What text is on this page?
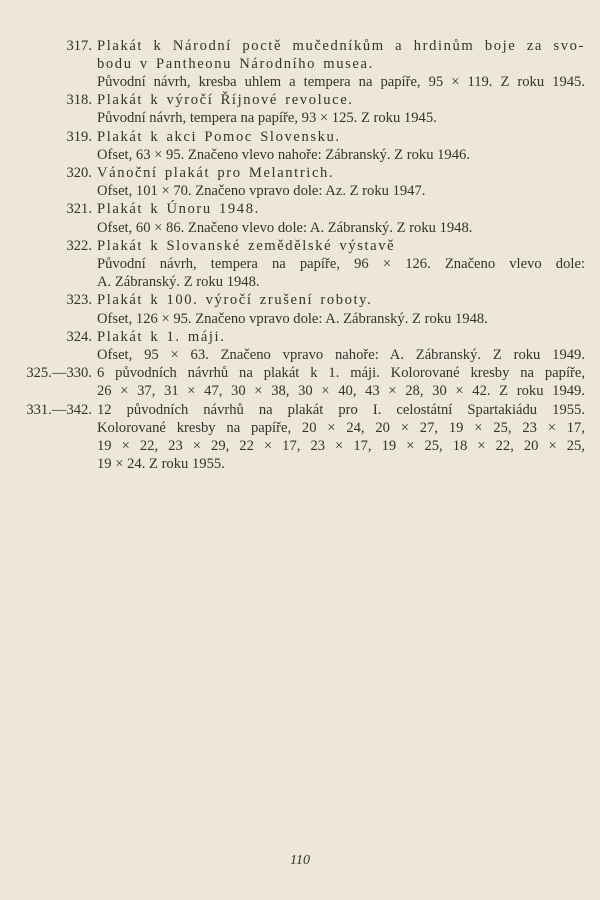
317. Plakát k Národní poctě mučedníkům a hrdinům boje za svo-
bodu v Pantheonu Národního musea.
Původní návrh, kresba uhlem a tempera na papíře, 95 × 119. Z roku 1945.
318. Plakát k výročí Říjnové revoluce.
Původní návrh, tempera na papíře, 93 × 125. Z roku 1945.
319. Plakát k akci Pomoc Slovensku.
Ofset, 63 × 95. Značeno vlevo nahoře: Zábranský. Z roku 1946.
320. Vánoční plakát pro Melantrich.
Ofset, 101 × 70. Značeno vpravo dole: Az. Z roku 1947.
321. Plakát k Únoru 1948.
Ofset, 60 × 86. Značeno vlevo dole: A. Zábranský. Z roku 1948.
322. Plakát k Slovanské zemědělské výstavě
Původní návrh, tempera na papíře, 96 × 126. Značeno vlevo dole:
A. Zábranský. Z roku 1948.
323. Plakát k 100. výročí zrušení roboty.
Ofset, 126 × 95. Značeno vpravo dole: A. Zábranský. Z roku 1948.
324. Plakát k 1. máji.
Ofset, 95 × 63. Značeno vpravo nahoře: A. Zábranský. Z roku 1949.
325.—330. 6 původních návrhů na plakát k 1. máji. Kolorované kresby na papíře,
26 × 37, 31 × 47, 30 × 38, 30 × 40, 43 × 28, 30 × 42. Z roku 1949.
331.—342. 12 původních návrhů na plakát pro I. celostátní Spartakiádu 1955.
Kolorované kresby na papíře, 20 × 24, 20 × 27, 19 × 25, 23 × 17,
19 × 22, 23 × 29, 22 × 17, 23 × 17, 19 × 25, 18 × 22, 20 × 25,
19 × 24. Z roku 1955.
110
